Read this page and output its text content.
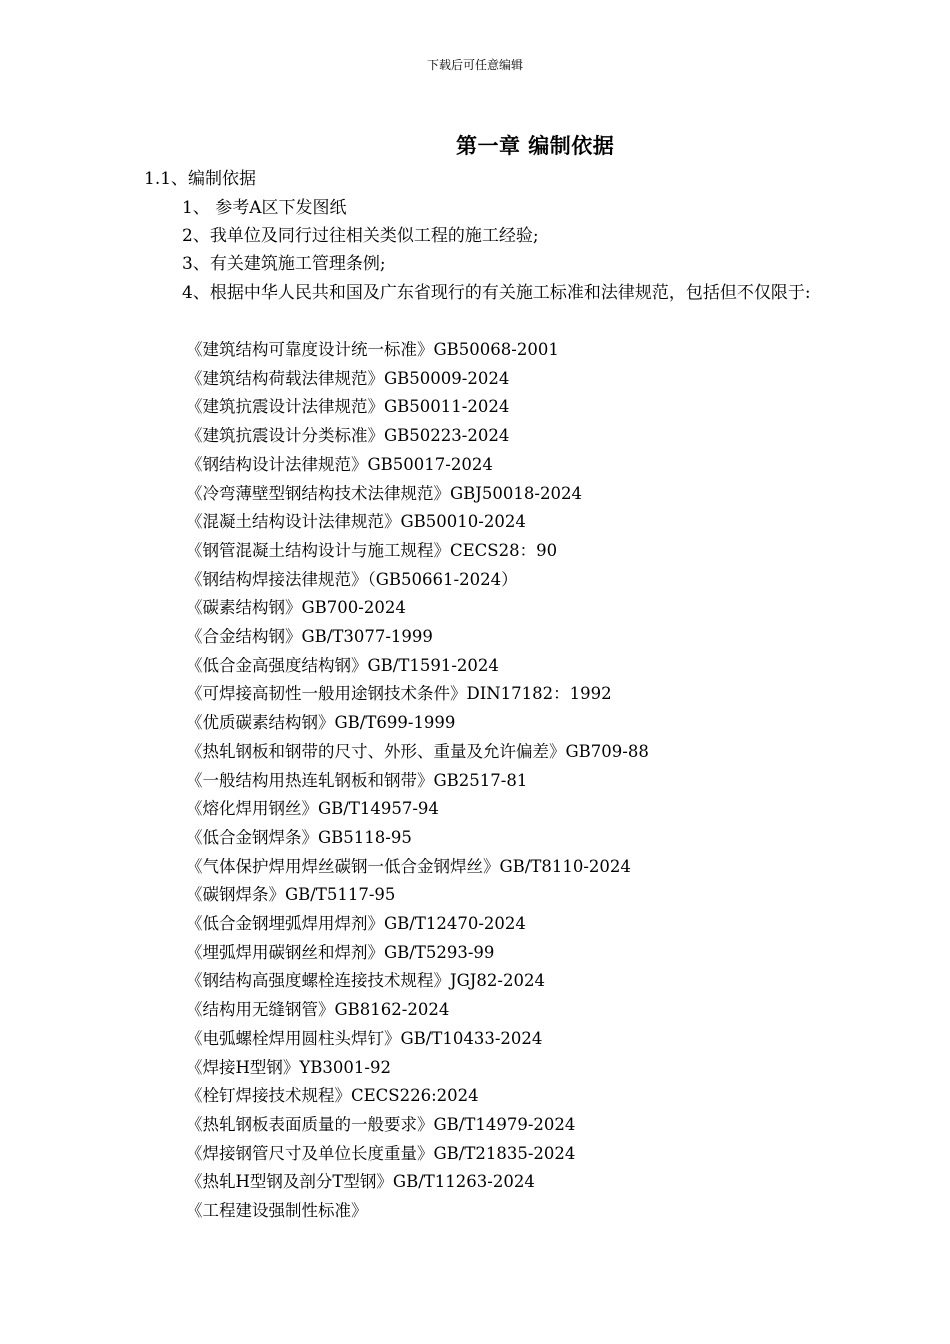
下载后可任意编辑
第一章 编制依据
1.1、编制依据
1、 参考A区下发图纸
2、我单位及同行过往相关类似工程的施工经验;
3、有关建筑施工管理条例;
4、根据中华人民共和国及广东省现行的有关施工标准和法律规范，包括但不仅限于:
《建筑结构可靠度设计统一标准》GB50068-2001
《建筑结构荷载法律规范》GB50009-2024
《建筑抗震设计法律规范》GB50011-2024
《建筑抗震设计分类标准》GB50223-2024
《钢结构设计法律规范》GB50017-2024
《冷弯薄壁型钢结构技术法律规范》GBJ50018-2024
《混凝土结构设计法律规范》GB50010-2024
《钢管混凝土结构设计与施工规程》CECS28：90
《钢结构焊接法律规范》（GB50661-2024）
《碳素结构钢》GB700-2024
《合金结构钢》GB/T3077-1999
《低合金高强度结构钢》GB/T1591-2024
《可焊接高韧性一般用途钢技术条件》DIN17182：1992
《优质碳素结构钢》GB/T699-1999
《热轧钢板和钢带的尺寸、外形、重量及允许偏差》GB709-88
《一般结构用热连轧钢板和钢带》GB2517-81
《熔化焊用钢丝》GB/T14957-94
《低合金钢焊条》GB5118-95
《气体保护焊用焊丝碳钢一低合金钢焊丝》GB/T8110-2024
《碳钢焊条》GB/T5117-95
《低合金钢埋弧焊用焊剂》GB/T12470-2024
《埋弧焊用碳钢丝和焊剂》GB/T5293-99
《钢结构高强度螺栓连接技术规程》JGJ82-2024
《结构用无缝钢管》GB8162-2024
《电弧螺栓焊用圆柱头焊钉》GB/T10433-2024
《焊接H型钢》YB3001-92
《栓钉焊接技术规程》CECS226:2024
《热轧钢板表面质量的一般要求》GB/T14979-2024
《焊接钢管尺寸及单位长度重量》GB/T21835-2024
《热轧H型钢及剖分T型钢》GB/T11263-2024
《工程建设强制性标准》
